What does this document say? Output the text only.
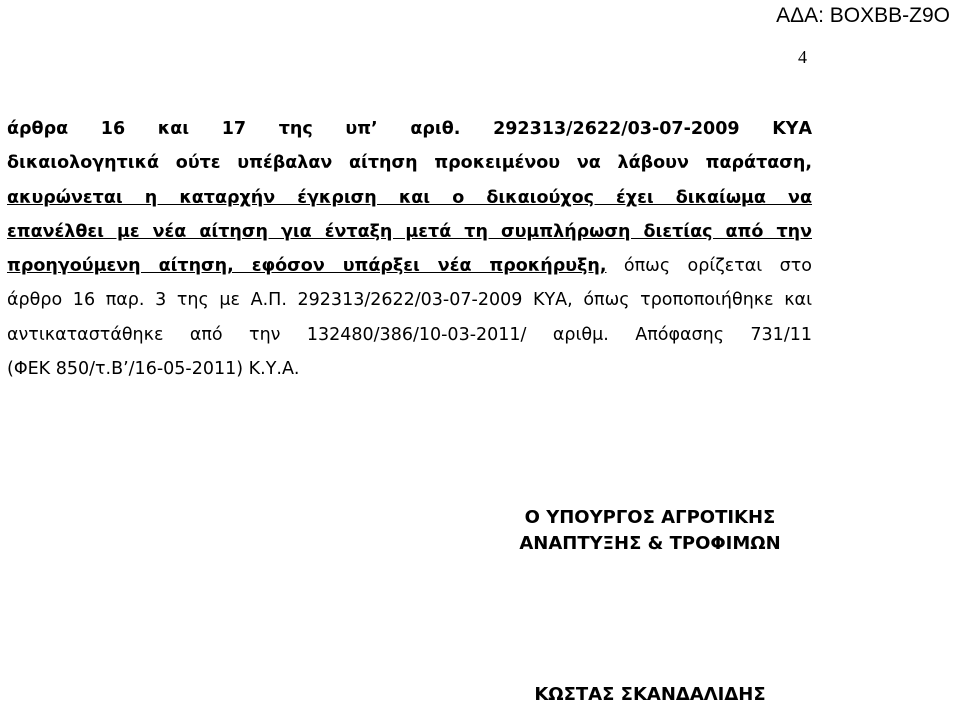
ΑΔΑ: ΒΟΧΒΒ-Ζ9Ο
4
άρθρα 16 και 17 της υπ’ αριθ. 292313/2622/03-07-2009 ΚΥΑ
δικαιολογητικά ούτε υπέβαλαν αίτηση προκειμένου να λάβουν παράταση,
ακυρώνεται η καταρχήν έγκριση και ο δικαιούχος έχει δικαίωμα να
επανέλθει με νέα αίτηση για ένταξη μετά τη συμπλήρωση διετίας από την
προηγούμενη αίτηση, εφόσον υπάρξει νέα προκήρυξη, όπως ορίζεται στο
άρθρο 16 παρ. 3 της με Α.Π. 292313/2622/03-07-2009 ΚΥΑ, όπως τροποποιήθηκε και
αντικαταστάθηκε από την 132480/386/10-03-2011/ αριθμ. Απόφασης 731/11
(ΦΕΚ 850/τ.Β’/16-05-2011) Κ.Υ.Α.
Ο ΥΠΟΥΡΓΟΣ ΑΓΡΟΤΙΚΗΣ
ΑΝΑΠΤΥΞΗΣ & ΤΡΟΦΙΜΩΝ
ΚΩΣΤΑΣ ΣΚΑΝΔΑΛΙΔΗΣ
